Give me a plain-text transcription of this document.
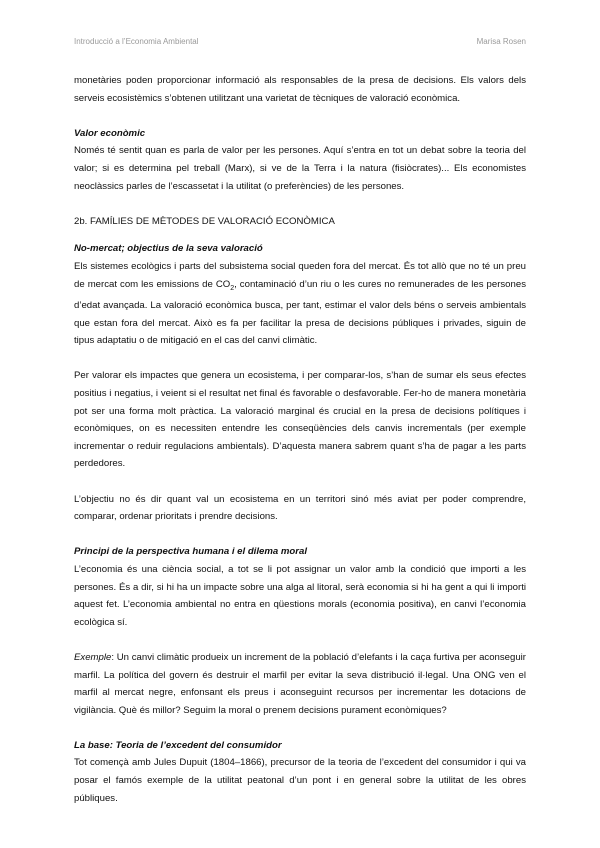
Introducció a l’Economia Ambiental	Marisa Rosen

monetàries poden proporcionar informació als responsables de la presa de decisions. Els valors dels serveis ecosistèmics s’obtenen utilitzant una varietat de tècniques de valoració econòmica.

Valor econòmic

Només té sentit quan es parla de valor per les persones. Aquí s’entra en tot un debat sobre la teoria del valor; si es determina pel treball (Marx), si ve de la Terra i la natura (fisiòcrates)... Els economistes neoclàssics parles de l’escassetat i la utilitat (o preferències) de les persones.

2b. FAMÍLIES DE MÈTODES DE VALORACIÓ ECONÒMICA

No-mercat; objectius de la seva valoració

Els sistemes ecològics i parts del subsistema social queden fora del mercat. És tot allò que no té un preu de mercat com les emissions de $CO_2$, contaminació d’un riu o les cures no remunerades de les persones d’edat avançada. La valoració econòmica busca, per tant, estimar el valor dels béns o serveis ambientals que estan fora del mercat. Això es fa per facilitar la presa de decisions públiques i privades, siguin de tipus adaptatiu o de mitigació en el cas del canvi climàtic.

Per valorar els impactes que genera un ecosistema, i per comparar-los, s’han de sumar els seus efectes positius i negatius, i veient si el resultat net final és favorable o desfavorable. Fer-ho de manera monetària pot ser una forma molt pràctica. La valoració marginal és crucial en la presa de decisions polítiques i econòmiques, on es necessiten entendre les conseqüències dels canvis incrementals (per exemple incrementar o reduir regulacions ambientals). D’aquesta manera sabrem quant s’ha de pagar a les parts perdedores.

L’objectiu no és dir quant val un ecosistema en un territori sinó més aviat per poder comprendre, comparar, ordenar prioritats i prendre decisions.

Principi de la perspectiva humana i el dilema moral

L’economia és una ciència social, a tot se li pot assignar un valor amb la condició que importi a les persones. És a dir, si hi ha un impacte sobre una alga al litoral, serà economia si hi ha gent a qui li importi aquest fet. L’economia ambiental no entra en qüestions morals (economia positiva), en canvi l’economia ecològica sí.

Exemple: Un canvi climàtic produeix un increment de la població d’elefants i la caça furtiva per aconseguir marfil. La política del govern és destruir el marfil per evitar la seva distribució il·legal. Una ONG ven el marfil al mercat negre, enfonsant els preus i aconseguint recursos per incrementar les dotacions de vigilància. Què és millor? Seguim la moral o prenem decisions purament econòmiques?

La base: Teoria de l’excedent del consumidor

Tot començà amb Jules Dupuit (1804–1866), precursor de la teoria de l’excedent del consumidor i qui va posar el famós exemple de la utilitat peatonal d’un pont i en general sobre la utilitat de les obres públiques.
